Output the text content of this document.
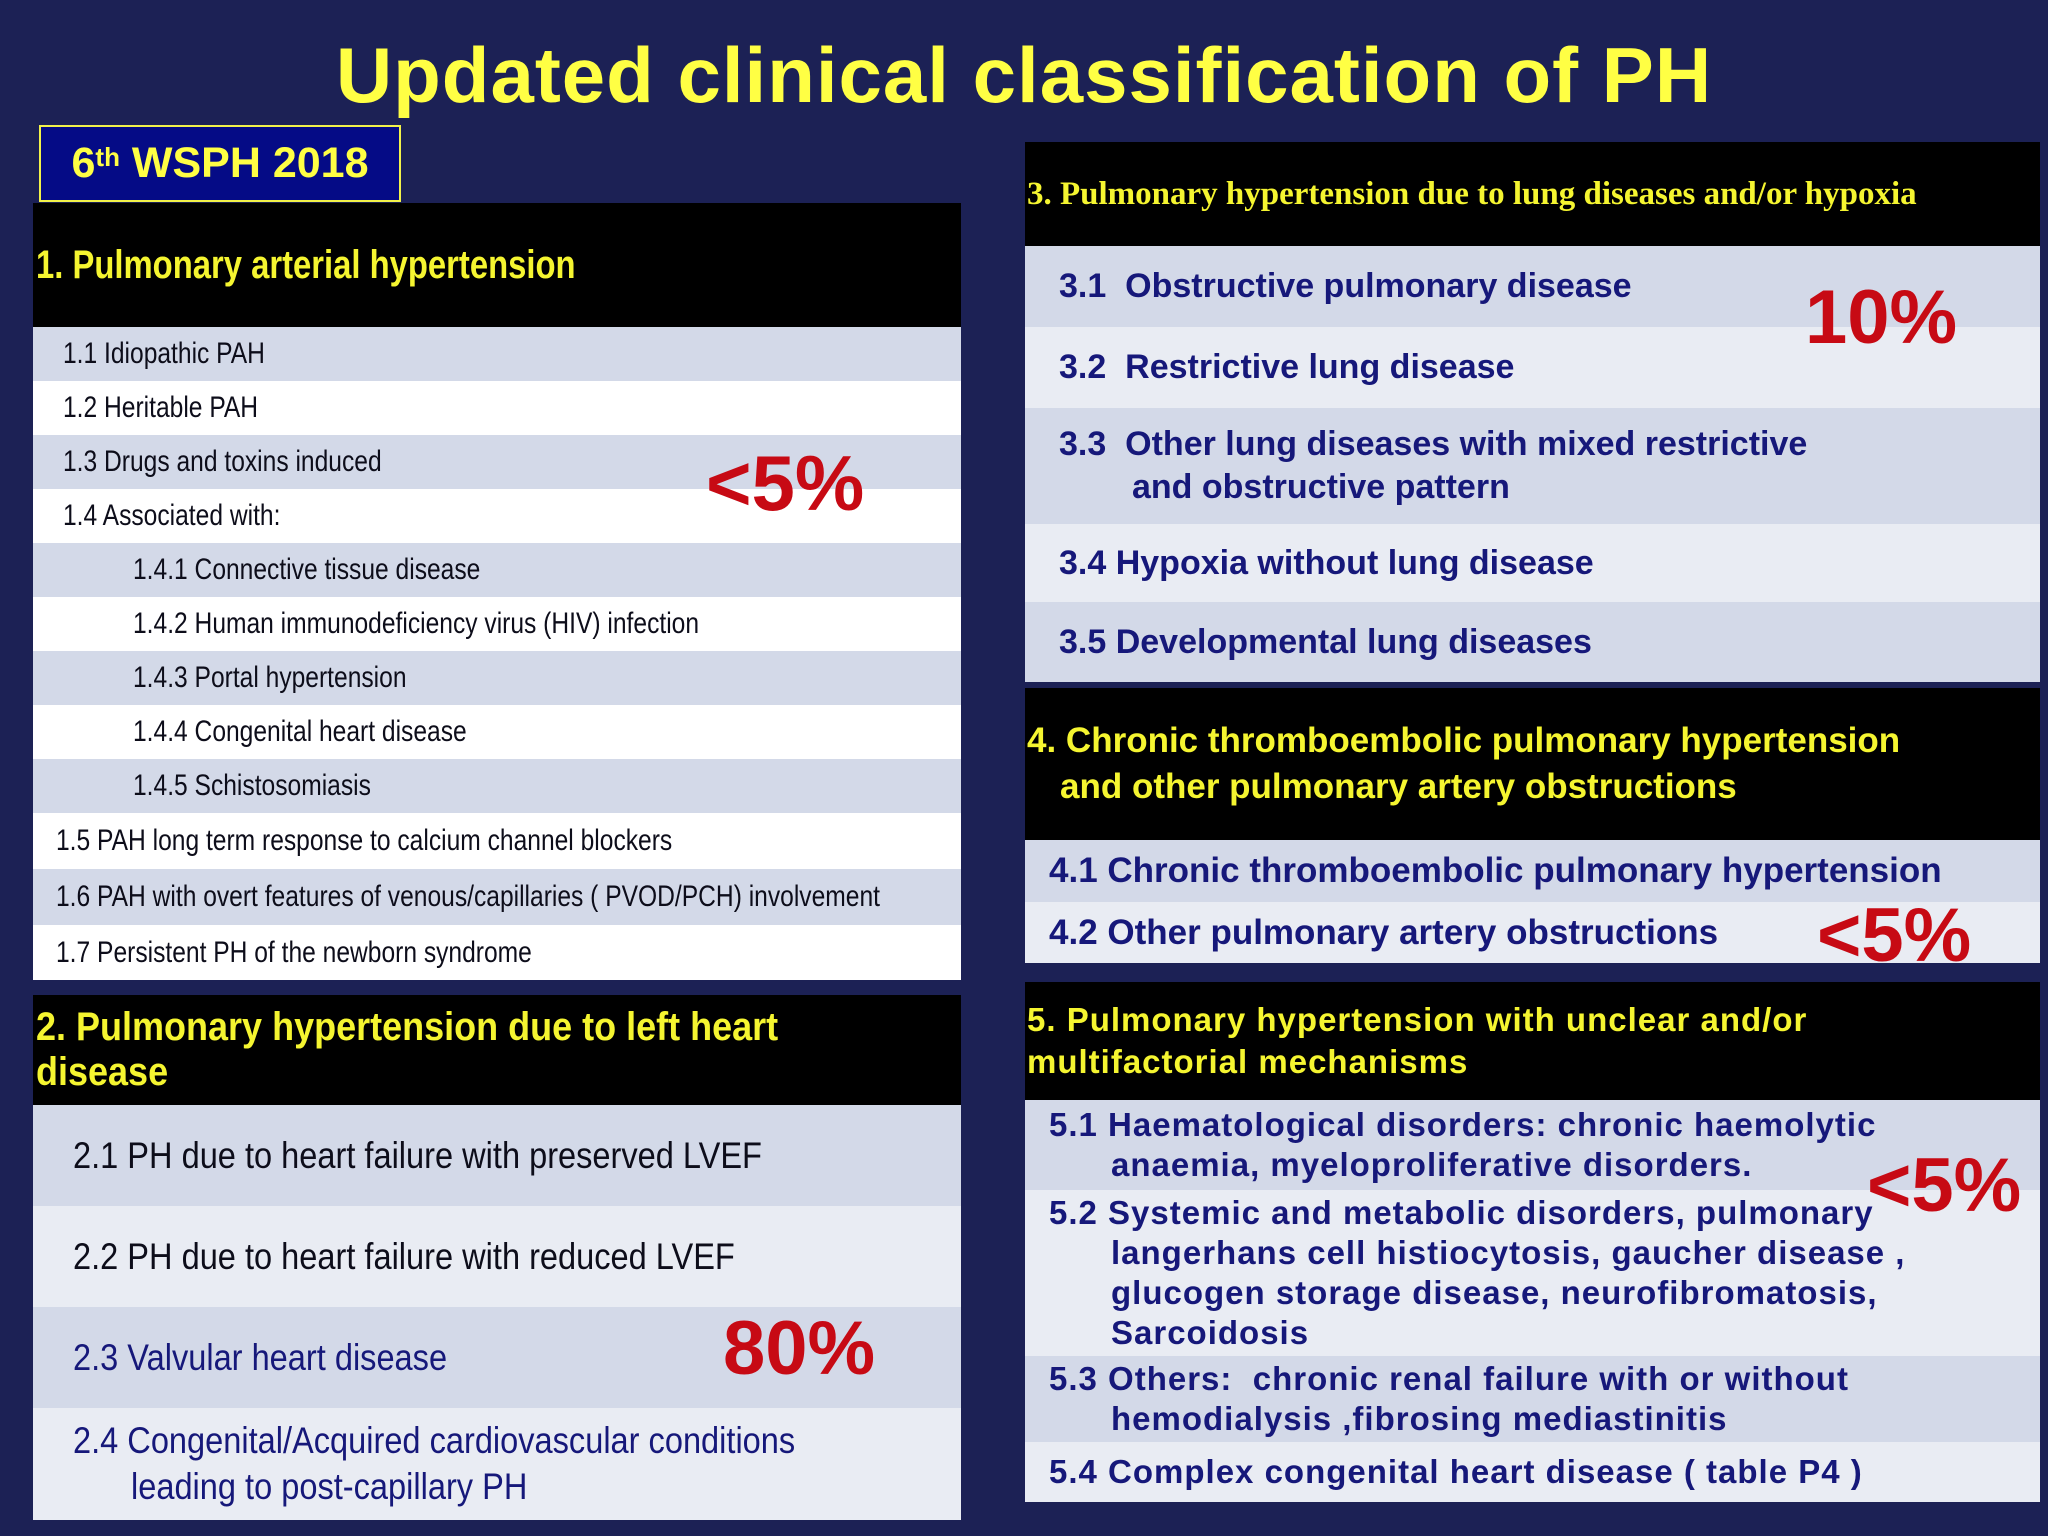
Updated clinical classification of PH
6th WSPH 2018
1. Pulmonary arterial hypertension
1.1 Idiopathic PAH
1.2 Heritable PAH
1.3 Drugs and toxins induced
1.4 Associated with:
1.4.1 Connective tissue disease
1.4.2 Human immunodeficiency virus (HIV) infection
1.4.3 Portal hypertension
1.4.4 Congenital heart disease
1.4.5 Schistosomiasis
1.5 PAH long term response to calcium channel blockers
1.6 PAH with overt features of venous/capillaries ( PVOD/PCH) involvement
1.7 Persistent PH of the newborn syndrome
<5%
2. Pulmonary hypertension due to left heart disease
2.1 PH due to heart failure with preserved LVEF
2.2 PH due to heart failure with reduced LVEF
2.3 Valvular heart disease
2.4 Congenital/Acquired cardiovascular conditions
leading to post-capillary PH
80%
3. Pulmonary hypertension due to lung diseases and/or hypoxia
3.1  Obstructive pulmonary disease
3.2  Restrictive lung disease
3.3  Other lung diseases with mixed restrictive
and obstructive pattern
3.4 Hypoxia without lung disease
3.5 Developmental lung diseases
10%
4. Chronic thromboembolic pulmonary hypertension
and other pulmonary artery obstructions
4.1 Chronic thromboembolic pulmonary hypertension
4.2 Other pulmonary artery obstructions <5%
5. Pulmonary hypertension with unclear and/or
multifactorial mechanisms
5.1 Haematological disorders: chronic haemolytic
anaemia, myeloproliferative disorders.
5.2 Systemic and metabolic disorders, pulmonary
langerhans cell histiocytosis, gaucher disease ,
glucogen storage disease, neurofibromatosis,
Sarcoidosis
5.3 Others:  chronic renal failure with or without
hemodialysis ,fibrosing mediastinitis
5.4 Complex congenital heart disease ( table P4 )
<5%
